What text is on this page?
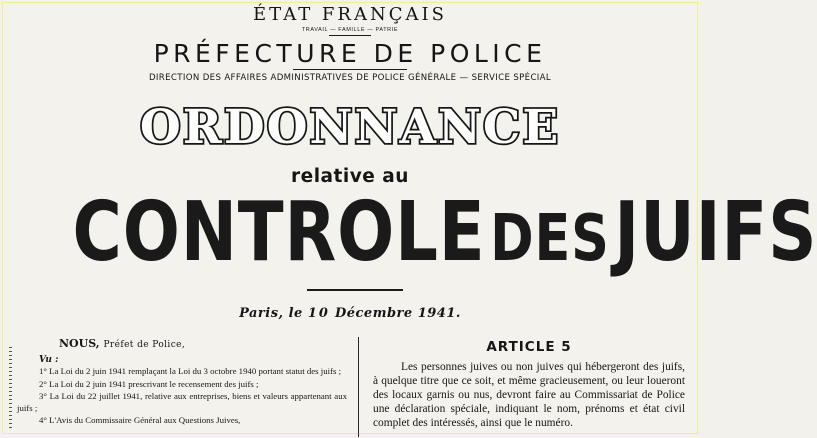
ÉTAT FRANÇAIS
TRAVAIL — FAMILLE — PATRIE
PRÉFECTURE DE POLICE
DIRECTION DES AFFAIRES ADMINISTRATIVES DE POLICE GÉNÉRALE — SERVICE SPÉCIAL
ORDONNANCE
relative au
CONTROLE DES JUIFS
Paris, le 10 Décembre 1941.
NOUS, Préfet de Police,
Vu :
1° La Loi du 2 juin 1941 remplaçant la Loi du 3 octobre 1940 portant statut des juifs ;
2° La Loi du 2 juin 1941 prescrivant le recensement des juifs ;
3° La Loi du 22 juillet 1941, relative aux entreprises, biens et valeurs appartenant aux juifs ;
4° L'Avis du Commissaire Général aux Questions Juives,
ARTICLE 5
Les personnes juives ou non juives qui hébergeront des juifs, à quelque titre que ce soit, et même gracieusement, ou leur loueront des locaux garnis ou nus, devront faire au Commissariat de Police une déclaration spéciale, indiquant le nom, prénoms et état civil complet des intéressés, ainsi que le numéro.
